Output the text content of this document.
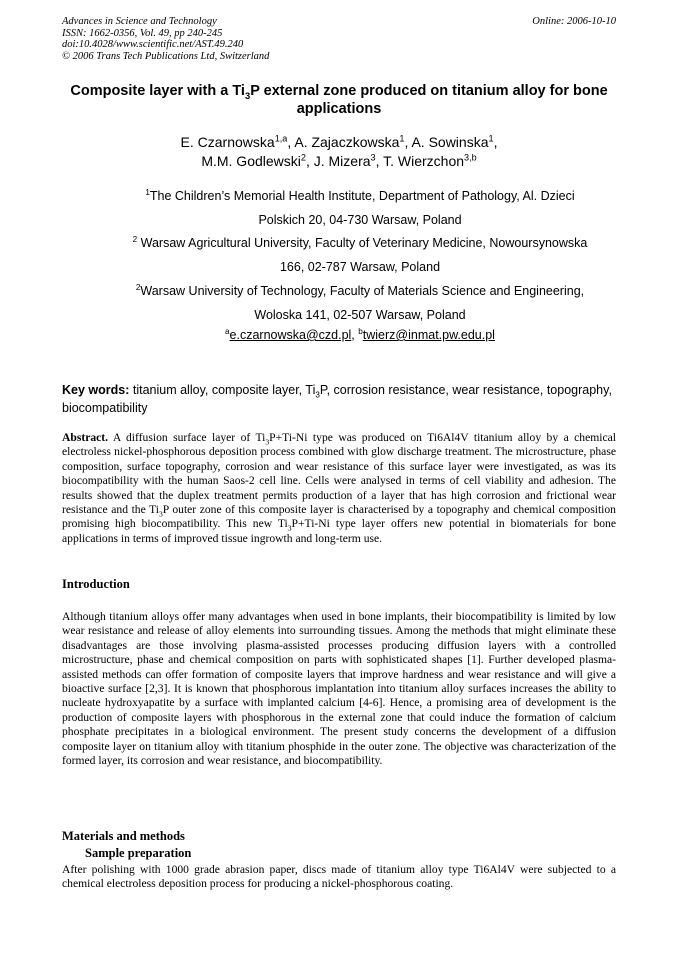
Advances in Science and Technology
ISSN: 1662-0356, Vol. 49, pp 240-245
doi:10.4028/www.scientific.net/AST.49.240
© 2006 Trans Tech Publications Ltd, Switzerland
Online: 2006-10-10
Composite layer with a $Ti_3P$ external zone produced on titanium alloy for bone applications
E. Czarnowska$^{1,a}$, A. Zajaczkowska$^1$, A. Sowinska$^1$,
M.M. Godlewski$^2$, J. Mizera$^3$, T. Wierzchon$^{3,b}$
$^1$The Children’s Memorial Health Institute, Department of Pathology, Al. Dzieci
Polskich 20, 04-730 Warsaw, Poland
$^2$ Warsaw Agricultural University, Faculty of Veterinary Medicine, Nowoursynowska
166, 02-787 Warsaw, Poland
$^2$Warsaw University of Technology, Faculty of Materials Science and Engineering,
Woloska 141, 02-507 Warsaw, Poland
$^a$e.czarnowska@czd.pl, $^b$twierz@inmat.pw.edu.pl
Key words: titanium alloy, composite layer, $Ti_3P$, corrosion resistance, wear resistance, topography, biocompatibility
Abstract. A diffusion surface layer of $Ti_3P+Ti-Ni$ type was produced on Ti6Al4V titanium alloy by a chemical electroless nickel-phosphorous deposition process combined with glow discharge treatment. The microstructure, phase composition, surface topography, corrosion and wear resistance of this surface layer were investigated, as was its biocompatibility with the human Saos-2 cell line. Cells were analysed in terms of cell viability and adhesion. The results showed that the duplex treatment permits production of a layer that has high corrosion and frictional wear resistance and the $Ti_3P$ outer zone of this composite layer is characterised by a topography and chemical composition promising high biocompatibility. This new $Ti_3P+Ti-Ni$ type layer offers new potential in biomaterials for bone applications in terms of improved tissue ingrowth and long-term use.
Introduction
Although titanium alloys offer many advantages when used in bone implants, their biocompatibility is limited by low wear resistance and release of alloy elements into surrounding tissues. Among the methods that might eliminate these disadvantages are those involving plasma-assisted processes producing diffusion layers with a controlled microstructure, phase and chemical composition on parts with sophisticated shapes [1]. Further developed plasma-assisted methods can offer formation of composite layers that improve hardness and wear resistance and will give a bioactive surface [2,3]. It is known that phosphorous implantation into titanium alloy surfaces increases the ability to nucleate hydroxyapatite by a surface with implanted calcium [4-6]. Hence, a promising area of development is the production of composite layers with phosphorous in the external zone that could induce the formation of calcium phosphate precipitates in a biological environment. The present study concerns the development of a diffusion composite layer on titanium alloy with titanium phosphide in the outer zone. The objective was characterization of the formed layer, its corrosion and wear resistance, and biocompatibility.
Materials and methods
Sample preparation
After polishing with 1000 grade abrasion paper, discs made of titanium alloy type Ti6Al4V were subjected to a chemical electroless deposition process for producing a nickel-phosphorous coating.
